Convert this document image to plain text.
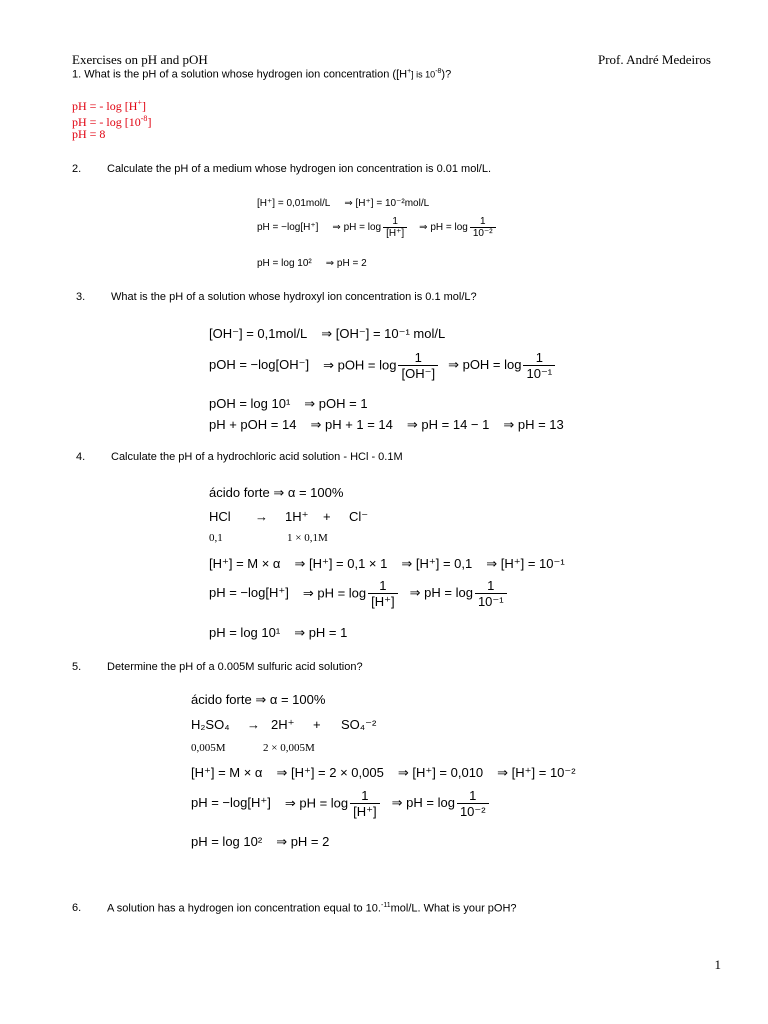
Exercises on pH and pOH	Prof. André Medeiros
1. What is the pH of a solution whose hydrogen ion concentration ([H+] is $10^{-8}$)?
pH = - log [H+]
pH = - $\log [10^{-8}]$
pH = 8
2. Calculate the pH of a medium whose hydrogen ion concentration is 0.01 mol/L.
[H⁺] = 0,01mol/L ⇒ [H⁺] = 10⁻²mol/L
pH = −log[H⁺] ⇒ pH = $\log \frac{1}{[H^+]}$ ⇒ pH = $\log \frac{1}{\text{10⁻²}}$
pH = log 10² ⇒ pH = 2
3. What is the pH of a solution whose hydroxyl ion concentration is 0.1 mol/L?
[OH⁻] = 0,1mol/L ⇒ [OH⁻] = 10⁻¹ mol/L
pOH = −log[OH⁻] ⇒ pOH = $\log \frac{1}{[OH^-]}$ ⇒ pOH = $\log \frac{1}{\text{10⁻¹}}$
pOH = log 10¹ ⇒ pOH = 1
pH + pOH = 14 ⇒ pH + 1 = 14 ⇒ pH = 14 − 1 ⇒ pH = 13
4. Calculate the pH of a hydrochloric acid solution - HCl - 0.1M
ácido forte ⇒ α = 100%
HCl → 1H⁺ + Cl⁻
0,1	1 × 0,1M
[H⁺] = M × α ⇒ [H⁺] = 0,1 × 1 ⇒ [H⁺] = 0,1 ⇒ [H⁺] = 10⁻¹
pH = −log[H⁺] ⇒ pH = $\log \frac{1}{[H^+]}$ ⇒ pH = $\log \frac{1}{\text{10⁻¹}}$
pH = log 10¹ ⇒ pH = 1
5. Determine the pH of a 0.005M sulfuric acid solution?
ácido forte ⇒ α = 100%
H₂SO₄ → 2H⁺ + SO₄⁻²
0,005M	2 × 0,005M
[H⁺] = M × α ⇒ [H⁺] = 2 × 0,005 ⇒ [H⁺] = 0,010 ⇒ [H⁺] = 10⁻²
pH = −log[H⁺] ⇒ pH = $\log \frac{1}{[H^+]}$ ⇒ pH = $\log \frac{1}{\text{10⁻²}}$
pH = log 10² ⇒ pH = 2
6. A solution has a hydrogen ion concentration equal to 10.$^{-11}$mol/L. What is your pOH?
1
